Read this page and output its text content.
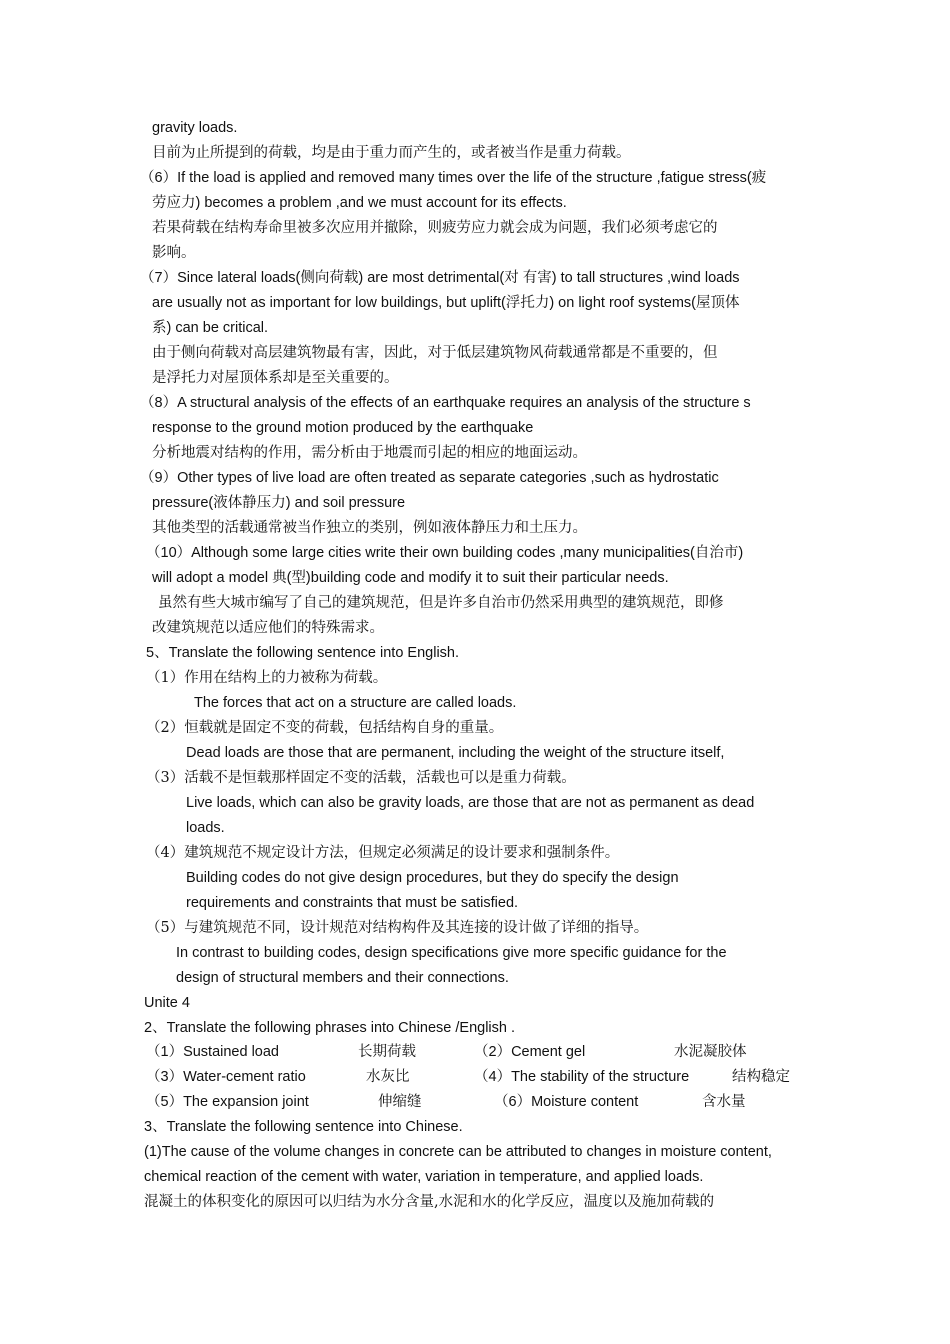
gravity loads.
目前为止所提到的荷载，均是由于重力而产生的，或者被当作是重力荷载。
（6）If the load is applied and removed many times over the life of the structure ,fatigue stress(疲
劳应力) becomes a problem ,and we must account for its effects.
若果荷载在结构寿命里被多次应用并撤除，则疲劳应力就会成为问题，我们必须考虑它的
影响。
（7）Since lateral loads(侧向荷载) are most detrimental(对 有害) to tall structures ,wind loads
are usually not as important for low buildings, but uplift(浮托力) on light roof systems(屋顶体
系) can be critical.
由于侧向荷载对高层建筑物最有害，因此，对于低层建筑物风荷载通常都是不重要的，但
是浮托力对屋顶体系却是至关重要的。
（8）A structural analysis of the effects of an earthquake requires an analysis of the structure s
response to the ground motion produced by the earthquake
分析地震对结构的作用，需分析由于地震而引起的相应的地面运动。
（9）Other types of live load are often treated as separate categories ,such as hydrostatic
pressure(液体静压力) and soil pressure
其他类型的活载通常被当作独立的类别，例如液体静压力和土压力。
（10）Although some large cities write their own building codes ,many municipalities(自治市)
will adopt a model 典(型)building code and modify it to suit their particular needs.
虽然有些大城市编写了自己的建筑规范，但是许多自治市仍然采用典型的建筑规范，即修
改建筑规范以适应他们的特殊需求。
5、Translate the following sentence into English.
（1）作用在结构上的力被称为荷载。
The forces that act on a structure are called loads.
（2）恒载就是固定不变的荷载，包括结构自身的重量。
Dead loads are those that are permanent, including the weight of the structure itself,
（3）活载不是恒载那样固定不变的活载，活载也可以是重力荷载。
Live loads, which can also be gravity loads, are those that are not as permanent as dead
loads.
（4）建筑规范不规定设计方法，但规定必须满足的设计要求和强制条件。
Building codes do not give design procedures, but they do specify the design
requirements and constraints that must be satisfied.
（5）与建筑规范不同，设计规范对结构构件及其连接的设计做了详细的指导。
In contrast to building codes, design specifications give more specific guidance for the
design of structural members and their connections.
Unite 4
2、Translate the following phrases into Chinese /English .
（1）Sustained load	长期荷载	（2）Cement gel	水泥凝胶体
（3）Water-cement ratio	水灰比	（4）The stability of the structure	结构稳定
（5）The expansion joint	伸缩缝	（6）Moisture content	含水量
3、Translate the following sentence into Chinese.
(1)The cause of the volume changes in concrete can be attributed to changes in moisture content,
chemical reaction of the cement with water, variation in temperature, and applied loads.
混凝土的体积变化的原因可以归结为水分含量,水泥和水的化学反应，温度以及施加荷载的
